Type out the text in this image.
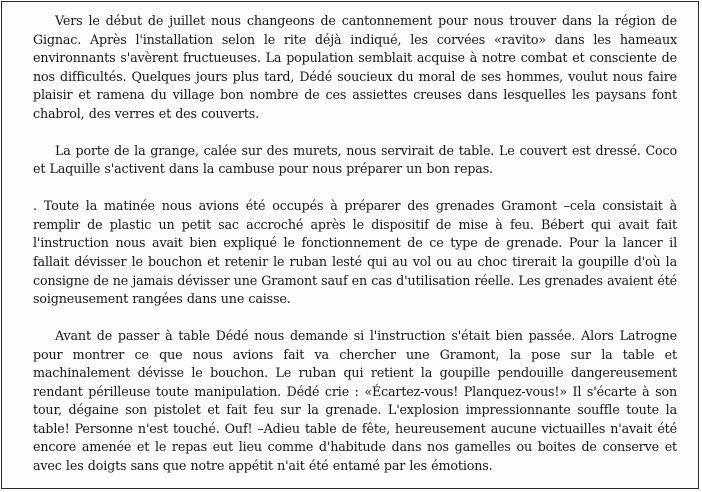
Vers le début de juillet nous changeons de cantonnement pour nous trouver dans la région de Gignac. Après l'installation selon le rite déjà indiqué, les corvées «ravito» dans les hameaux environnants s'avèrent fructueuses. La population semblait acquise à notre combat et consciente de nos difficultés. Quelques jours plus tard, Dédé soucieux du moral de ses hommes, voulut nous faire plaisir et ramena du village bon nombre de ces assiettes creuses dans lesquelles les paysans font chabrol, des verres et des couverts.

La porte de la grange, calée sur des murets, nous servirait de table. Le couvert est dressé. Coco et Laquille s'activent dans la cambuse pour nous préparer un bon repas.

. Toute la matinée nous avions été occupés à préparer des grenades Gramont –cela consistait à remplir de plastic un petit sac accroché après le dispositif de mise à feu. Bébert qui avait fait l'instruction nous avait bien expliqué le fonctionnement de ce type de grenade. Pour la lancer il fallait dévisser le bouchon et retenir le ruban lesté qui au vol ou au choc tirerait la goupille d'où la consigne de ne jamais dévisser une Gramont sauf en cas d'utilisation réelle. Les grenades avaient été soigneusement rangées dans une caisse.

Avant de passer à table Dédé nous demande si l'instruction s'était bien passée. Alors Latrogne pour montrer ce que nous avions fait va chercher une Gramont, la pose sur la table et machinalement dévisse le bouchon. Le ruban qui retient la goupille pendouille dangereusement rendant périlleuse toute manipulation. Dédé crie : «Écartez-vous! Planquez-vous!» Il s'écarte à son tour, dégaine son pistolet et fait feu sur la grenade. L'explosion impressionnante souffle toute la table! Personne n'est touché. Ouf! –Adieu table de fête, heureusement aucune victuailles n'avait été encore amenée et le repas eut lieu comme d'habitude dans nos gamelles ou boites de conserve et avec les doigts sans que notre appétit n'ait été entamé par les émotions.
